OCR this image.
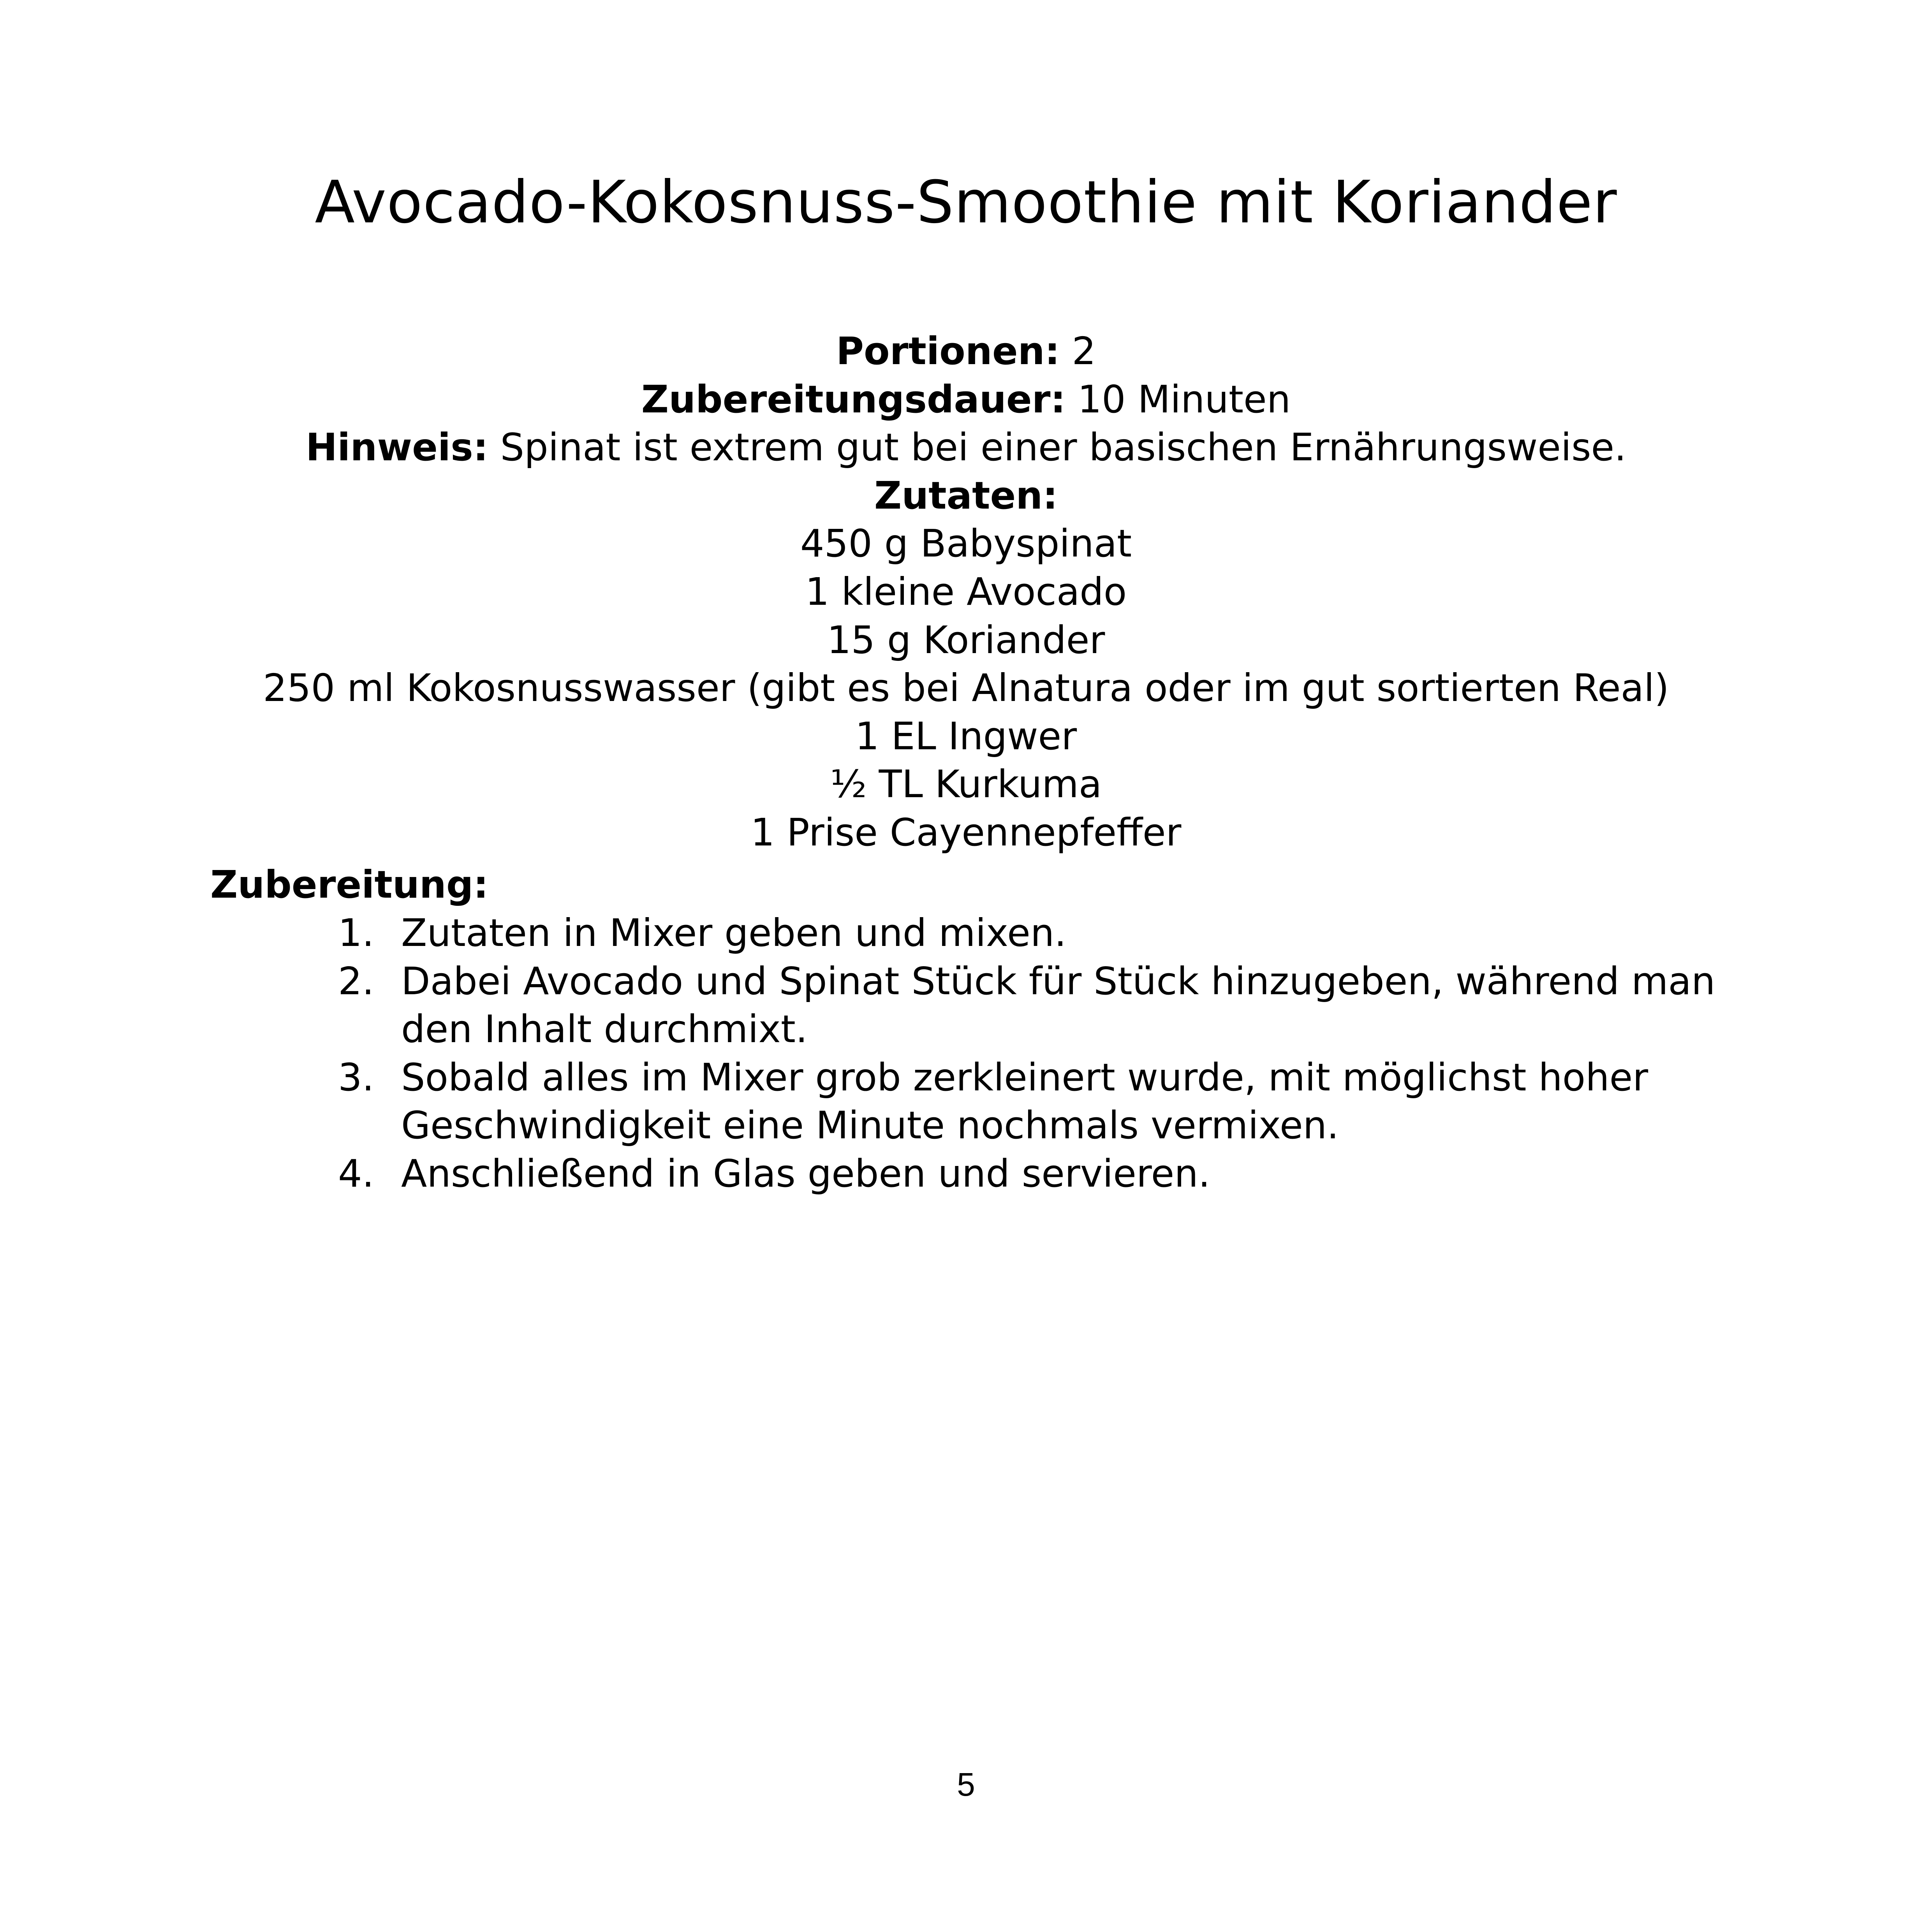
Avocado-Kokosnuss-Smoothie mit Koriander
Portionen: 2
Zubereitungsdauer: 10 Minuten
Hinweis: Spinat ist extrem gut bei einer basischen Ernährungsweise.
Zutaten:
450 g Babyspinat
1 kleine Avocado
15 g Koriander
250 ml Kokosnusswasser (gibt es bei Alnatura oder im gut sortierten Real)
1 EL Ingwer
½ TL Kurkuma
1 Prise Cayennepfeffer
Zubereitung:
1. Zutaten in Mixer geben und mixen.
2. Dabei Avocado und Spinat Stück für Stück hinzugeben, während man den Inhalt durchmixt.
3. Sobald alles im Mixer grob zerkleinert wurde, mit möglichst hoher Geschwindigkeit eine Minute nochmals vermixen.
4. Anschließend in Glas geben und servieren.
5
